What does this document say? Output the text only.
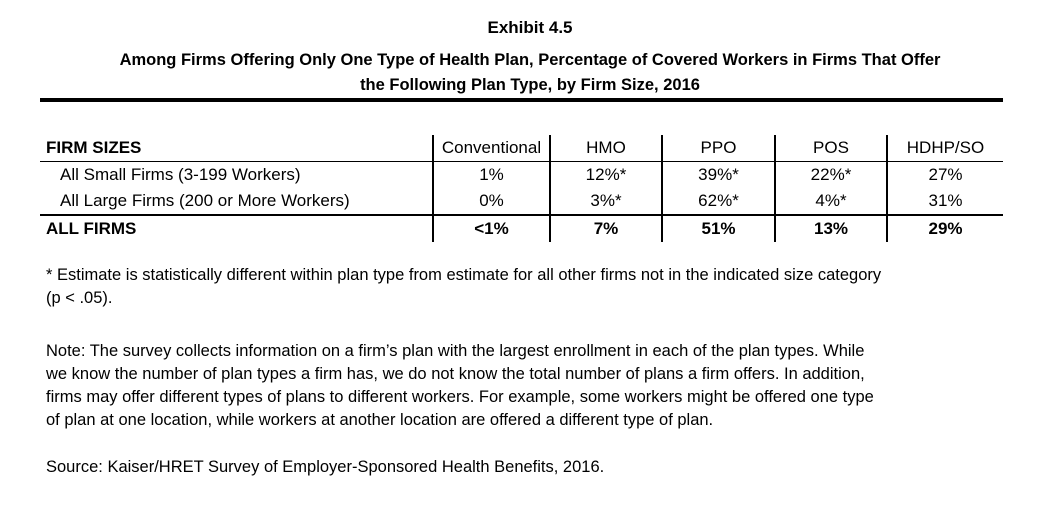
Exhibit 4.5
Among Firms Offering Only One Type of Health Plan, Percentage of Covered Workers in Firms That Offer
the Following Plan Type, by Firm Size, 2016
FIRM SIZES	Conventional	HMO	PPO	POS	HDHP/SO
All Small Firms (3-199 Workers)	1%	12%*	39%*	22%*	27%
All Large Firms (200 or More Workers)	0%	3%*	62%*	4%*	31%
ALL FIRMS	<1%	7%	51%	13%	29%
* Estimate is statistically different within plan type from estimate for all other firms not in the indicated size category
(p < .05).
Note: The survey collects information on a firm’s plan with the largest enrollment in each of the plan types. While
we know the number of plan types a firm has, we do not know the total number of plans a firm offers. In addition,
firms may offer different types of plans to different workers. For example, some workers might be offered one type
of plan at one location, while workers at another location are offered a different type of plan.
Source: Kaiser/HRET Survey of Employer-Sponsored Health Benefits, 2016.
